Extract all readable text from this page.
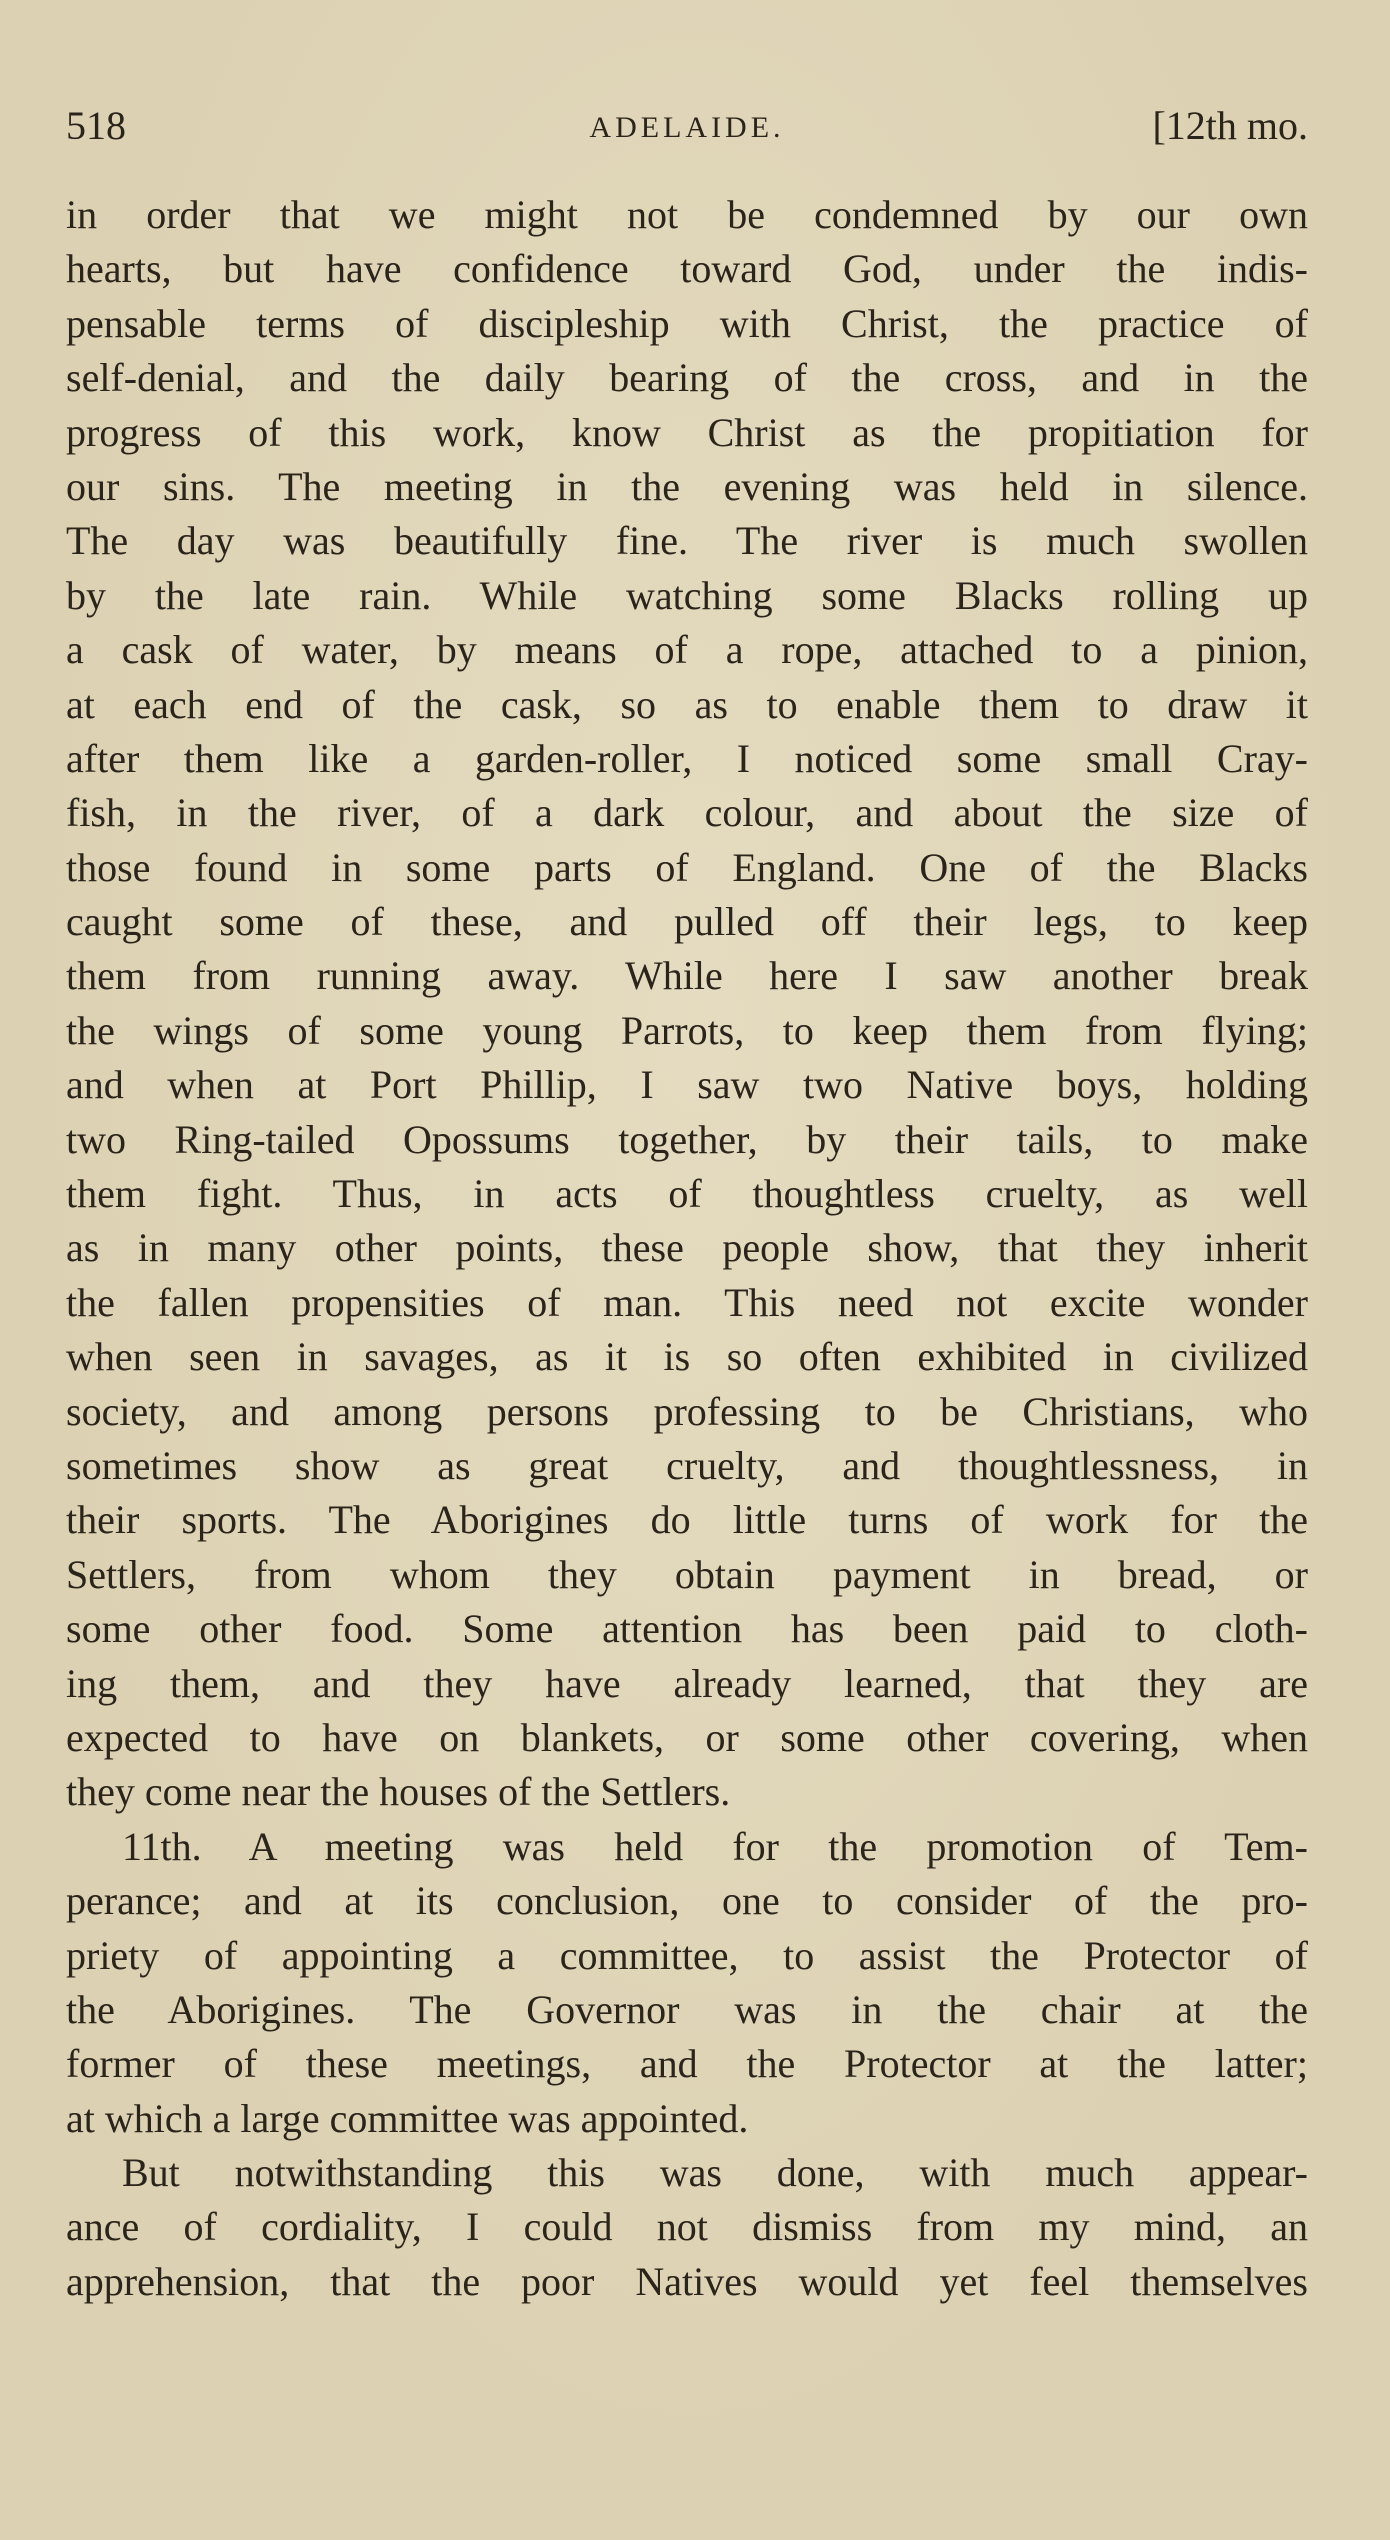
518	ADELAIDE.	[12th mo.
in order that we might not be condemned by our own
hearts, but have confidence toward God, under the indis-
pensable terms of discipleship with Christ, the practice of
self-denial, and the daily bearing of the cross, and in the
progress of this work, know Christ as the propitiation for
our sins. The meeting in the evening was held in silence.
The day was beautifully fine. The river is much swollen
by the late rain. While watching some Blacks rolling up
a cask of water, by means of a rope, attached to a pinion,
at each end of the cask, so as to enable them to draw it
after them like a garden-roller, I noticed some small Cray-
fish, in the river, of a dark colour, and about the size of
those found in some parts of England. One of the Blacks
caught some of these, and pulled off their legs, to keep
them from running away. While here I saw another break
the wings of some young Parrots, to keep them from flying;
and when at Port Phillip, I saw two Native boys, holding
two Ring-tailed Opossums together, by their tails, to make
them fight. Thus, in acts of thoughtless cruelty, as well
as in many other points, these people show, that they inherit
the fallen propensities of man. This need not excite wonder
when seen in savages, as it is so often exhibited in civilized
society, and among persons professing to be Christians, who
sometimes show as great cruelty, and thoughtlessness, in
their sports. The Aborigines do little turns of work for the
Settlers, from whom they obtain payment in bread, or
some other food. Some attention has been paid to cloth-
ing them, and they have already learned, that they are
expected to have on blankets, or some other covering, when
they come near the houses of the Settlers.
11th. A meeting was held for the promotion of Tem-
perance; and at its conclusion, one to consider of the pro-
priety of appointing a committee, to assist the Protector of
the Aborigines. The Governor was in the chair at the
former of these meetings, and the Protector at the latter;
at which a large committee was appointed.
But notwithstanding this was done, with much appear-
ance of cordiality, I could not dismiss from my mind, an
apprehension, that the poor Natives would yet feel themselves
